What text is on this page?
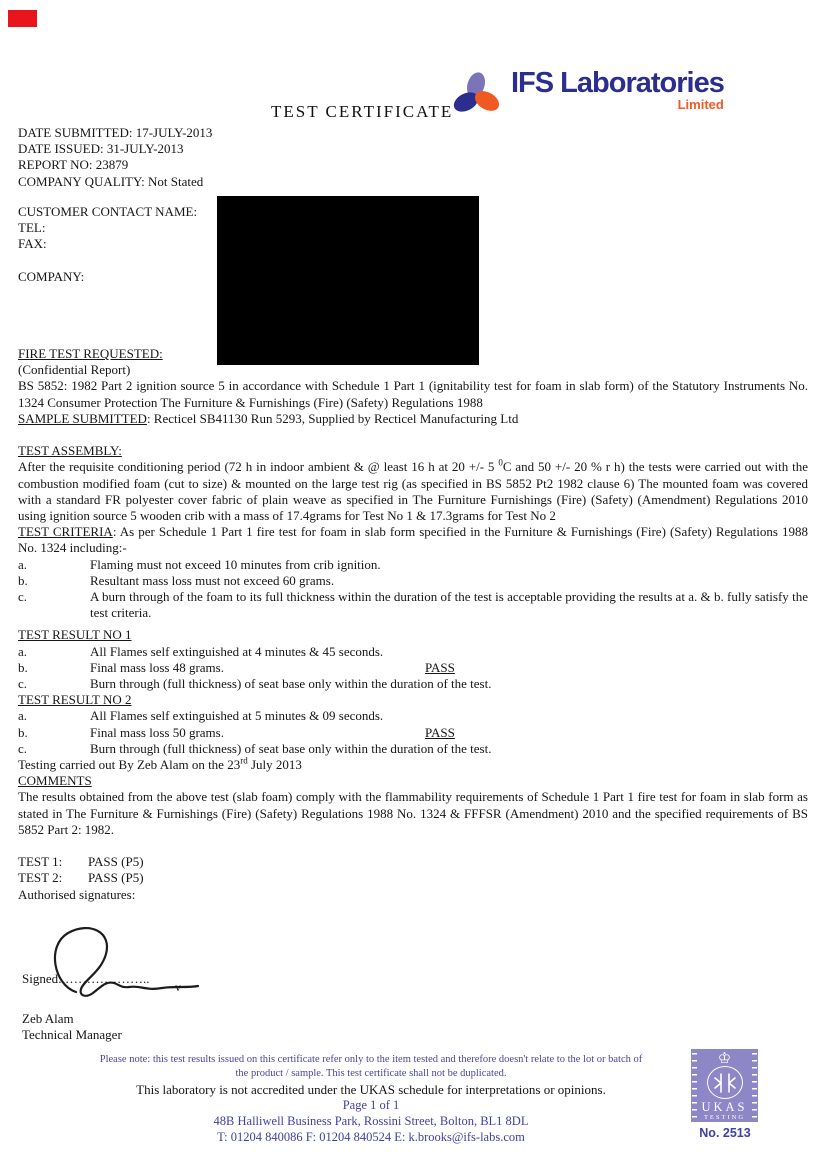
IFS Laboratories
Limited
TEST CERTIFICATE

DATE SUBMITTED: 17-JULY-2013

DATE ISSUED: 31-JULY-2013

REPORT NO: 23879

COMPANY QUALITY: Not Stated

CUSTOMER CONTACT NAME:

TEL:

FAX:

COMPANY:

FIRE TEST REQUESTED:

(Confidential Report)

BS 5852: 1982 Part 2 ignition source 5 in accordance with Schedule 1 Part 1 (ignitability test for foam in slab form) of the Statutory Instruments No. 1324 Consumer Protection The Furniture & Furnishings (Fire) (Safety) Regulations 1988

SAMPLE SUBMITTED: Recticel SB41130 Run 5293, Supplied by Recticel Manufacturing Ltd

TEST ASSEMBLY:

After the requisite conditioning period (72 h in indoor ambient & @ least 16 h at 20 +/- 5 $^0$C and 50 +/- 20 % r h) the tests were carried out with the combustion modified foam (cut to size) & mounted on the large test rig (as specified in BS 5852 Pt2 1982 clause 6) The mounted foam was covered with a standard FR polyester cover fabric of plain weave as specified in The Furniture Furnishings (Fire) (Safety) (Amendment) Regulations 2010 using ignition source 5 wooden crib with a mass of 17.4grams for Test No 1 & 17.3grams for Test No 2

TEST CRITERIA: As per Schedule 1 Part 1 fire test for foam in slab form specified in the Furniture & Furnishings (Fire) (Safety) Regulations 1988 No. 1324 including:-

a.	Flaming must not exceed 10 minutes from crib ignition.
b.	Resultant mass loss must not exceed 60 grams.
c.	A burn through of the foam to its full thickness within the duration of the test is acceptable providing the results at a. & b. fully satisfy the test criteria.

TEST RESULT NO 1

a.	All Flames self extinguished at 4 minutes & 45 seconds.
b.	Final mass loss 48 grams.	PASS
c.	Burn through (full thickness) of seat base only within the duration of the test.

TEST RESULT NO 2

a.	All Flames self extinguished at 5 minutes & 09 seconds.
b.	Final mass loss 50 grams.	PASS
c.	Burn through (full thickness) of seat base only within the duration of the test.

Testing carried out By Zeb Alam on the 23rd July 2013

COMMENTS

The results obtained from the above test (slab foam) comply with the flammability requirements of Schedule 1 Part 1 fire test for foam in slab form as stated in The Furniture & Furnishings (Fire) (Safety) Regulations 1988 No. 1324 & FFFSR (Amendment) 2010 and the specified requirements of BS 5852 Part 2: 1982.

TEST 1:	PASS (P5)
TEST 2:	PASS (P5)

Authorised signatures:

Signed: ………………..

v

Zeb Alam

Technical Manager

Please note: this test results issued on this certificate refer only to the item tested and therefore doesn't relate to the lot or batch of
the product / sample. This test certificate shall not be duplicated.
This laboratory is not accredited under the UKAS schedule for interpretations or opinions.
Page 1 of 1
48B Halliwell Business Park, Rossini Street, Bolton, BL1 8DL
T: 01204 840086 F: 01204 840524 E: k.brooks@ifs-labs.com
♔
UKAS
TESTING
No. 2513
